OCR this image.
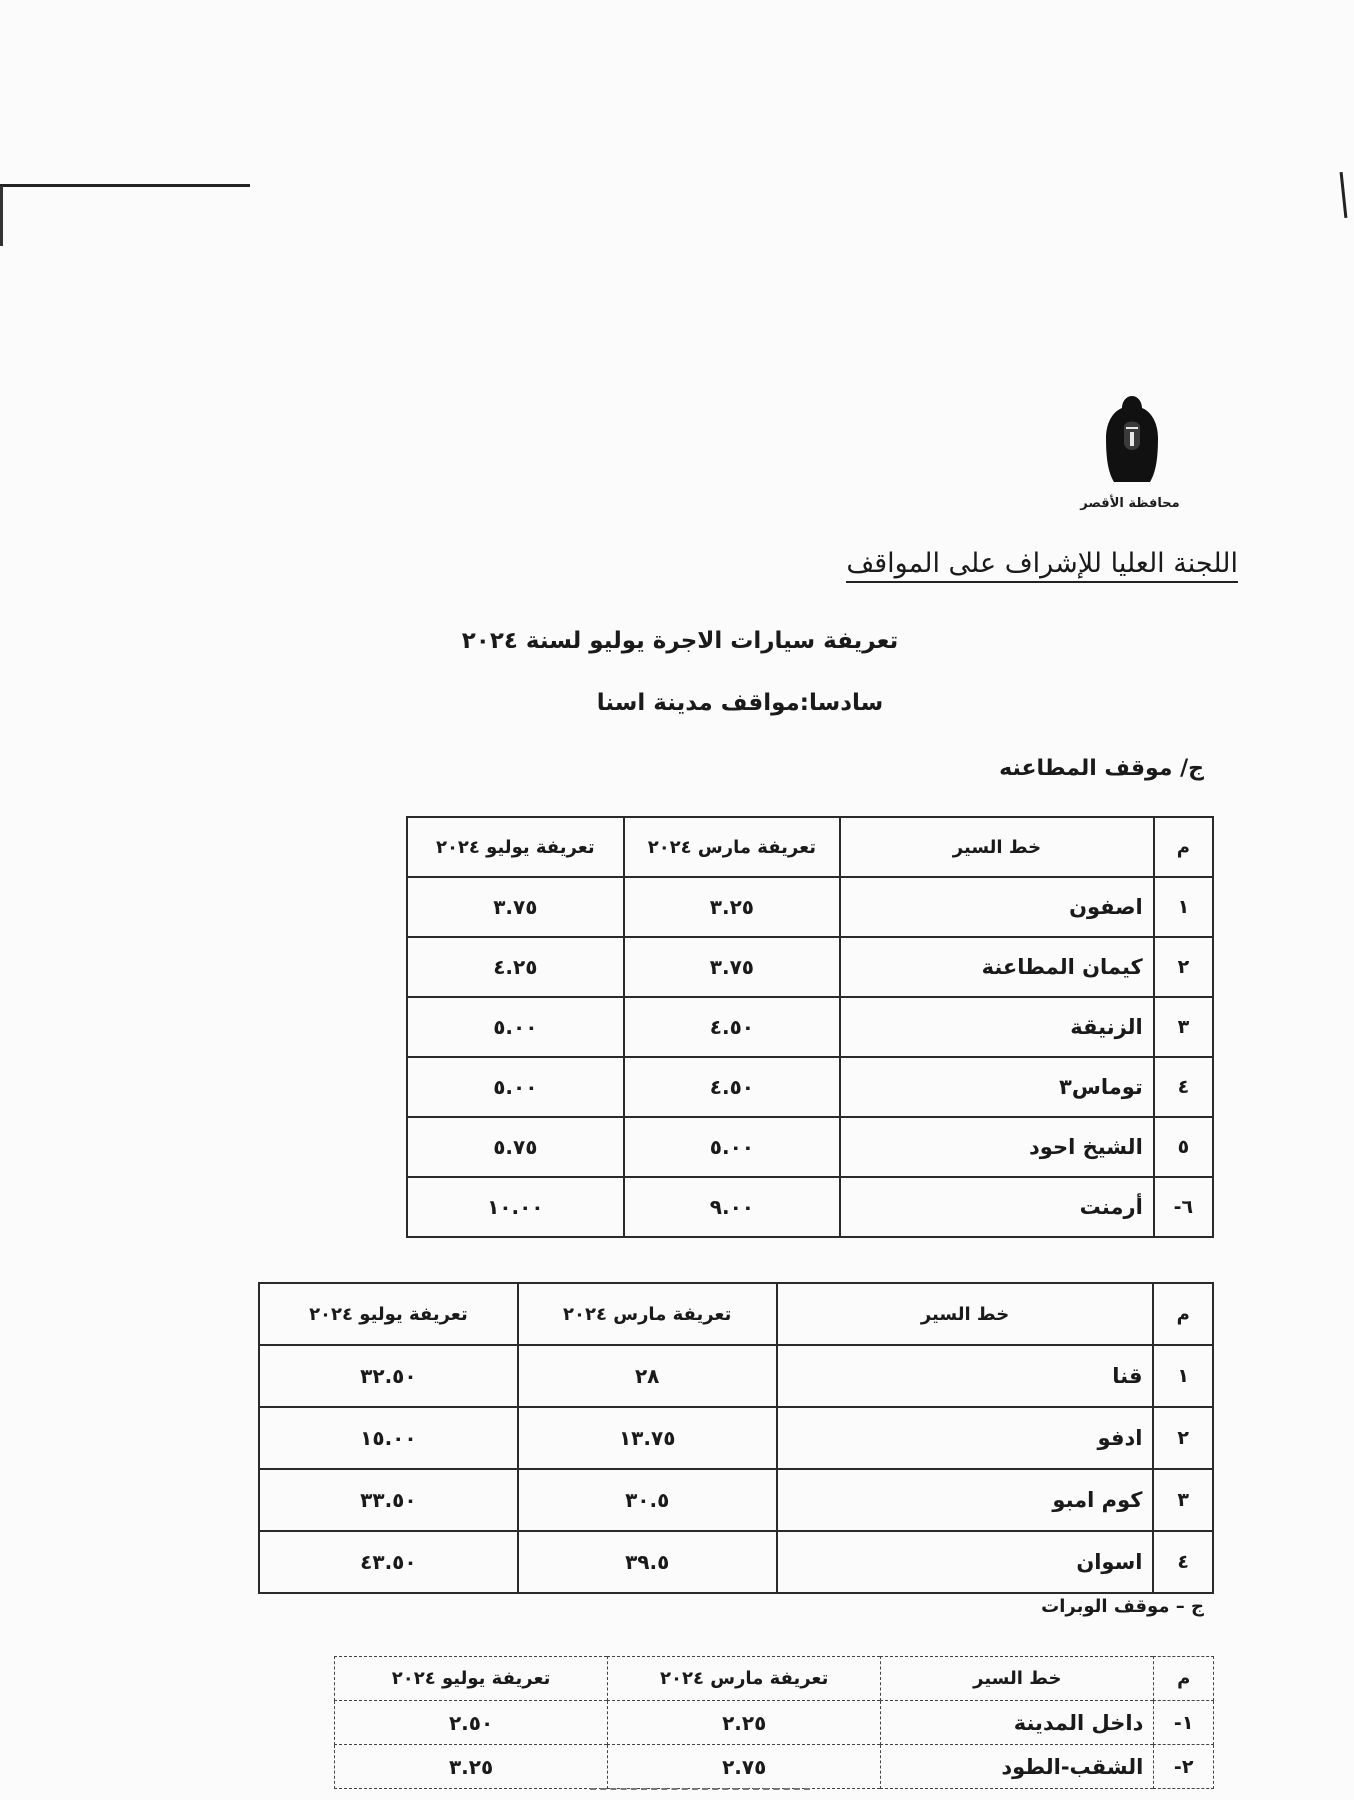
محافظة الأقصر
اللجنة العليا للإشراف على المواقف
تعريفة سيارات الاجرة يوليو لسنة ٢٠٢٤
سادسا:مواقف مدينة اسنا
ج/ موقف المطاعنه
م	خط السير	تعريفة مارس ٢٠٢٤	تعريفة يوليو ٢٠٢٤
١	اصفون	٣.٢٥	٣.٧٥
٢	كيمان المطاعنة	٣.٧٥	٤.٢٥
٣	الزنيقة	٤.٥٠	٥.٠٠
٤	توماس٣	٤.٥٠	٥.٠٠
٥	الشيخ احود	٥.٠٠	٥.٧٥
٦-	أرمنت	٩.٠٠	١٠.٠٠
م	خط السير	تعريفة مارس ٢٠٢٤	تعريفة يوليو ٢٠٢٤
١	قنا	٢٨	٣٢.٥٠
٢	ادفو	١٣.٧٥	١٥.٠٠
٣	كوم امبو	٣٠.٥	٣٣.٥٠
٤	اسوان	٣٩.٥	٤٣.٥٠
ج – موقف الوبرات
م	خط السير	تعريفة مارس ٢٠٢٤	تعريفة يوليو ٢٠٢٤
١-	داخل المدينة	٢.٢٥	٢.٥٠
٢-	الشقب-الطود	٢.٧٥	٣.٢٥
